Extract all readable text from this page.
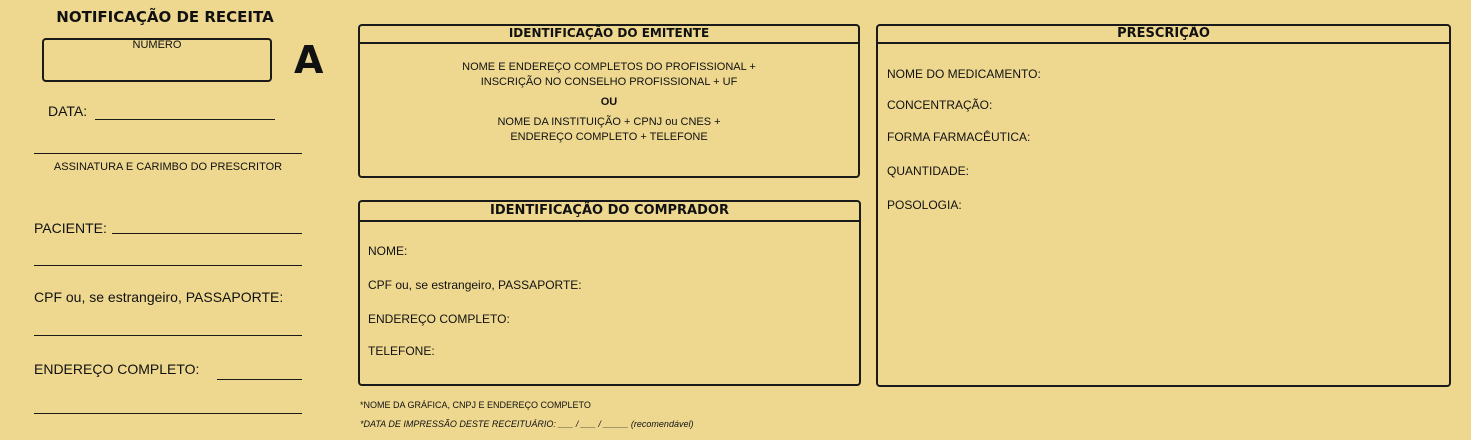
NOTIFICAÇÃO DE RECEITA
NÚMERO	A
DATA:
ASSINATURA E CARIMBO DO PRESCRITOR
PACIENTE:
CPF ou, se estrangeiro, PASSAPORTE:
ENDEREÇO COMPLETO:
IDENTIFICAÇÃO DO EMITENTE
NOME E ENDEREÇO COMPLETOS DO PROFISSIONAL +
INSCRIÇÃO NO CONSELHO PROFISSIONAL + UF
OU
NOME DA INSTITUIÇÃO + CPNJ ou CNES +
ENDEREÇO COMPLETO + TELEFONE
IDENTIFICAÇÃO DO COMPRADOR
NOME:
CPF ou, se estrangeiro, PASSAPORTE:
ENDEREÇO COMPLETO:
TELEFONE:
PRESCRIÇÃO
NOME DO MEDICAMENTO:
CONCENTRAÇÃO:
FORMA FARMACÊUTICA:
QUANTIDADE:
POSOLOGIA:
*NOME DA GRÁFICA, CNPJ E ENDEREÇO COMPLETO
*DATA DE IMPRESSÃO DESTE RECEITUÁRIO: ___ / ___ / _____ (recomendável)
